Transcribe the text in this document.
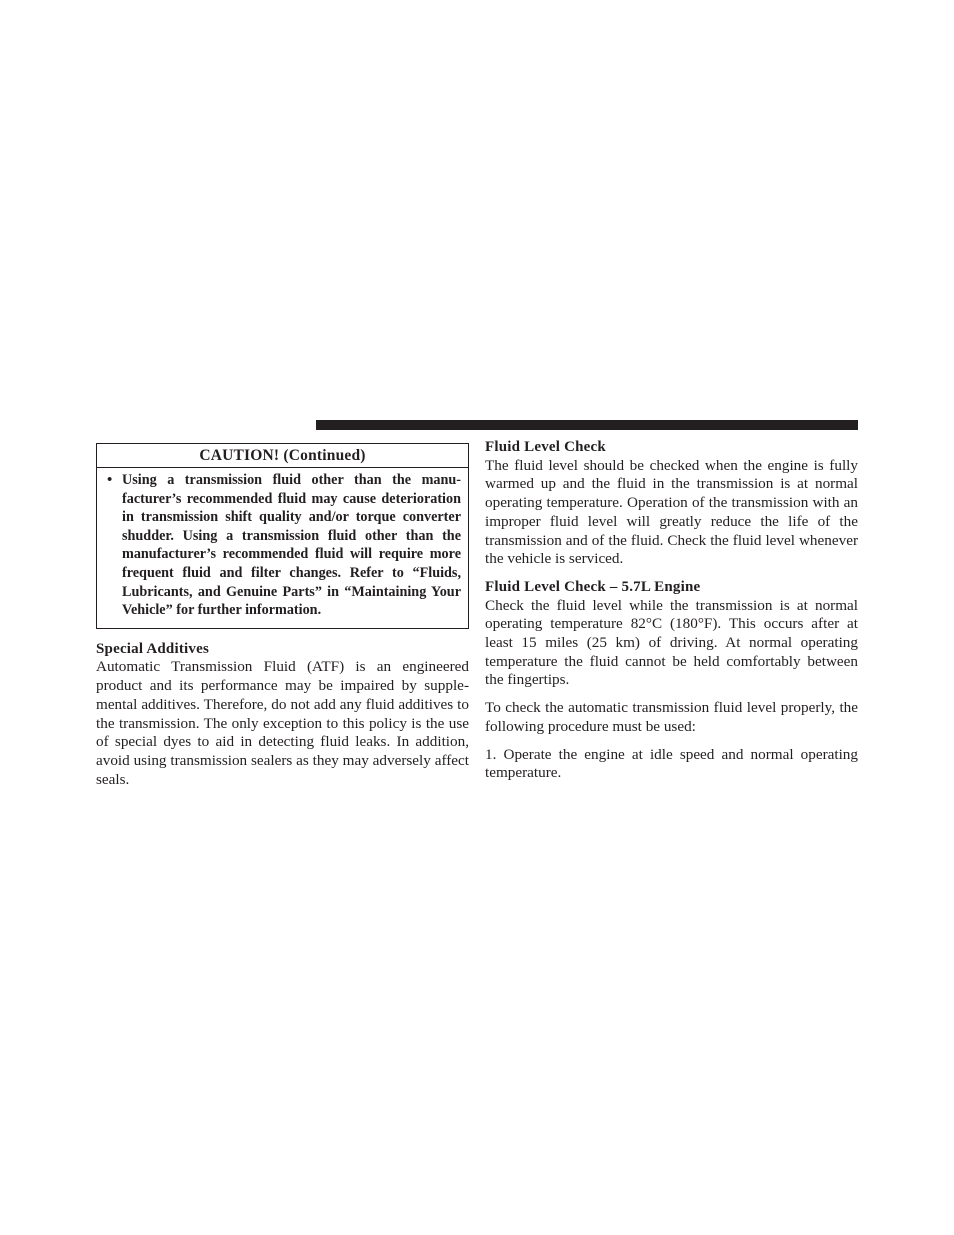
CAUTION! (Continued)
• Using a transmission fluid other than the manufacturer’s recommended fluid may cause deterioration in transmission shift quality and/or torque converter shudder. Using a transmission fluid other than the manufacturer’s recommended fluid will require more frequent fluid and filter changes. Refer to “Fluids, Lubricants, and Genuine Parts” in “Maintaining Your Vehicle” for further information.
Special Additives

Automatic Transmission Fluid (ATF) is an engineered product and its performance may be impaired by supplemental additives. Therefore, do not add any fluid additives to the transmission. The only exception to this policy is the use of special dyes to aid in detecting fluid leaks. In addition, avoid using transmission sealers as they may adversely affect seals.

Fluid Level Check

The fluid level should be checked when the engine is fully warmed up and the fluid in the transmission is at normal operating temperature. Operation of the transmission with an improper fluid level will greatly reduce the life of the transmission and of the fluid. Check the fluid level whenever the vehicle is serviced.

Fluid Level Check – 5.7L Engine

Check the fluid level while the transmission is at normal operating temperature 82°C (180°F). This occurs after at least 15 miles (25 km) of driving. At normal operating temperature the fluid cannot be held comfortably between the fingertips.

To check the automatic transmission fluid level properly, the following procedure must be used:

1. Operate the engine at idle speed and normal operating temperature.
